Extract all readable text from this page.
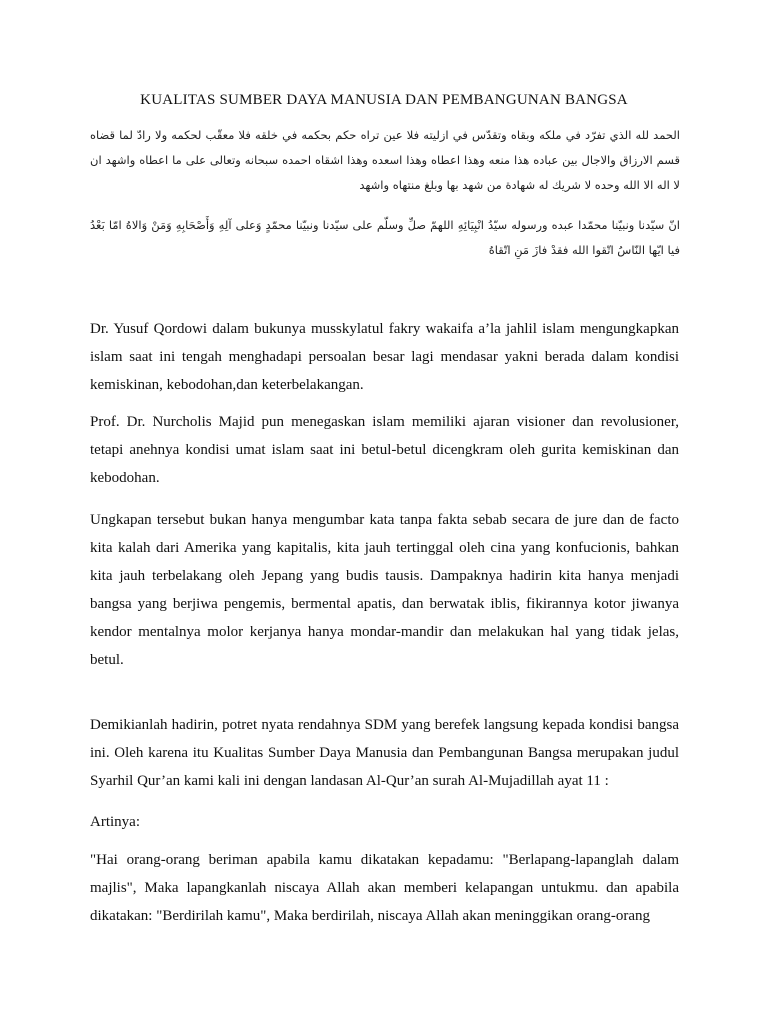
KUALITAS SUMBER DAYA MANUSIA DAN PEMBANGUNAN BANGSA
الحمد لله الذي تفرّد في ملكه وبقاه وتقدّس في ازليته فلا عين تراه حكم بحكمه في خلقه فلا معقّب لحكمه ولا رادّ لما قضاه قسم الارزاق والاجال بين عباده هذا منعه وهذا اعطاه وهذا اسعده وهذا اشقاه احمده سبحانه وتعالى على ما اعطاه واشهد ان لا اله الا الله وحده لا شريك له شهادة من شهد بها وبلغ منتهاه واشهد
انّ سيّدنا ونبيّنا محمّدا عبده ورسوله سيّدُ انْبِيَائِهِ اللهمّ صلِّ وسلّم على سيّدنا ونبيّنا محمّدٍ وَعلى آلِهِ وَأَصْحَابِهِ وَمَنْ وَالاهُ امّا بَعْدُ فيا ايّها النّاسُ اتّقوا الله فقدْ فازَ مَنِ اتّقاهُ

Dr. Yusuf Qordowi dalam bukunya musskylatul fakry wakaifa a’la jahlil islam mengungkapkan islam saat ini tengah menghadapi persoalan besar lagi mendasar yakni berada dalam kondisi kemiskinan, kebodohan,dan keterbelakangan.

Prof. Dr. Nurcholis Majid pun menegaskan islam memiliki ajaran visioner dan revolusioner, tetapi anehnya kondisi umat islam saat ini betul-betul dicengkram oleh gurita kemiskinan dan kebodohan.

Ungkapan tersebut bukan hanya mengumbar kata tanpa fakta sebab secara de jure dan de facto kita kalah dari Amerika yang kapitalis, kita jauh tertinggal oleh cina yang konfucionis, bahkan kita jauh terbelakang oleh Jepang yang budis tausis. Dampaknya hadirin kita hanya menjadi bangsa yang berjiwa pengemis, bermental apatis, dan berwatak iblis, fikirannya kotor jiwanya kendor mentalnya molor kerjanya hanya mondar-mandir dan melakukan hal yang tidak jelas, betul.

Demikianlah hadirin, potret nyata rendahnya SDM yang berefek langsung kepada kondisi bangsa ini. Oleh karena itu Kualitas Sumber Daya Manusia dan Pembangunan Bangsa merupakan judul Syarhil Qur’an kami kali ini dengan landasan Al-Qur’an surah Al-Mujadillah ayat 11 :

Artinya:

"Hai orang-orang beriman apabila kamu dikatakan kepadamu: "Berlapang-lapanglah dalam majlis", Maka lapangkanlah niscaya Allah akan memberi kelapangan untukmu. dan apabila dikatakan: "Berdirilah kamu", Maka berdirilah, niscaya Allah akan meninggikan orang-orang
